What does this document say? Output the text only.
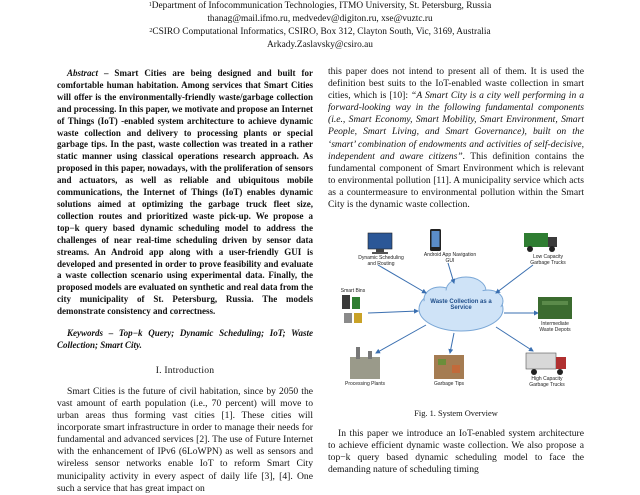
$^1$Department of Infocommunication Technologies, ITMO University, St. Petersburg, Russia
thanag@mail.ifmo.ru, medvedev@digiton.ru, xse@vuztc.ru
$^2$CSIRO Computational Informatics, CSIRO, Box 312, Clayton South, Vic, 3169, Australia
Arkady.Zaslavsky@csiro.au

Abstract – Smart Cities are being designed and built for comfortable human habitation. Among services that Smart Cities will offer is the environmentally-friendly waste/garbage collection and processing. In this paper, we motivate and propose an Internet of Things (IoT) -enabled system architecture to achieve dynamic waste collection and delivery to processing plants or special garbage tips. In the past, waste collection was treated in a rather static manner using classical operations research approach. As proposed in this paper, nowadays, with the proliferation of sensors and actuators, as well as reliable and ubiquitous mobile communications, the Internet of Things (IoT) enables dynamic solutions aimed at optimizing the garbage truck fleet size, collection routes and prioritized waste pick-up. We propose a top−k query based dynamic scheduling model to address the challenges of near real-time scheduling driven by sensor data streams. An Android app along with a user-friendly GUI is developed and presented in order to prove feasibility and evaluate a waste collection scenario using experimental data. Finally, the proposed models are evaluated on synthetic and real data from the city municipality of St. Petersburg, Russia. The models demonstrate consistency and correctness.

Keywords – Top−k Query; Dynamic Scheduling; IoT; Waste Collection; Smart City.

I. Introduction

Smart Cities is the future of civil habitation, since by 2050 the vast amount of earth population (i.e., 70 percent) will move to urban areas thus forming vast cities [1]. These cities will incorporate smart infrastructure in order to manage their needs for fundamental and advanced services [2]. The use of Future Internet with the enhancement of IPv6 (6LoWPN) as well as sensors and wireless sensor networks enable IoT to reform Smart City municipality activity in every aspect of daily life [3], [4]. One such a service that has great impact on

this paper does not intend to present all of them. It is used the definition best suits to the IoT-enabled waste collection in smart cities, which is [10]: “A Smart City is a city well performing in a forward-looking way in the following fundamental components (i.e., Smart Economy, Smart Mobility, Smart Environment, Smart People, Smart Living, and Smart Governance), built on the ‘smart’ combination of endowments and activities of self-decisive, independent and aware citizens”. This definition contains the fundamental component of Smart Environment which is relevant to environmental pollution [11]. A municipality service which acts as a countermeasure to environmental pollution within the Smart City is the dynamic waste collection.

Waste Collection as a Service
Dynamic Scheduling and Routing
Android App Navigation GUI
Low Capacity Garbage Trucks
Smart Bins
Intermediate Waste Depots
Processing Plants	Garbage Tips
High Capacity Garbage Trucks
Fig. 1. System Overview

In this paper we introduce an IoT-enabled system architecture to achieve efficient dynamic waste collection. We also propose a top−k query based dynamic scheduling model to face the demanding nature of scheduling timing
